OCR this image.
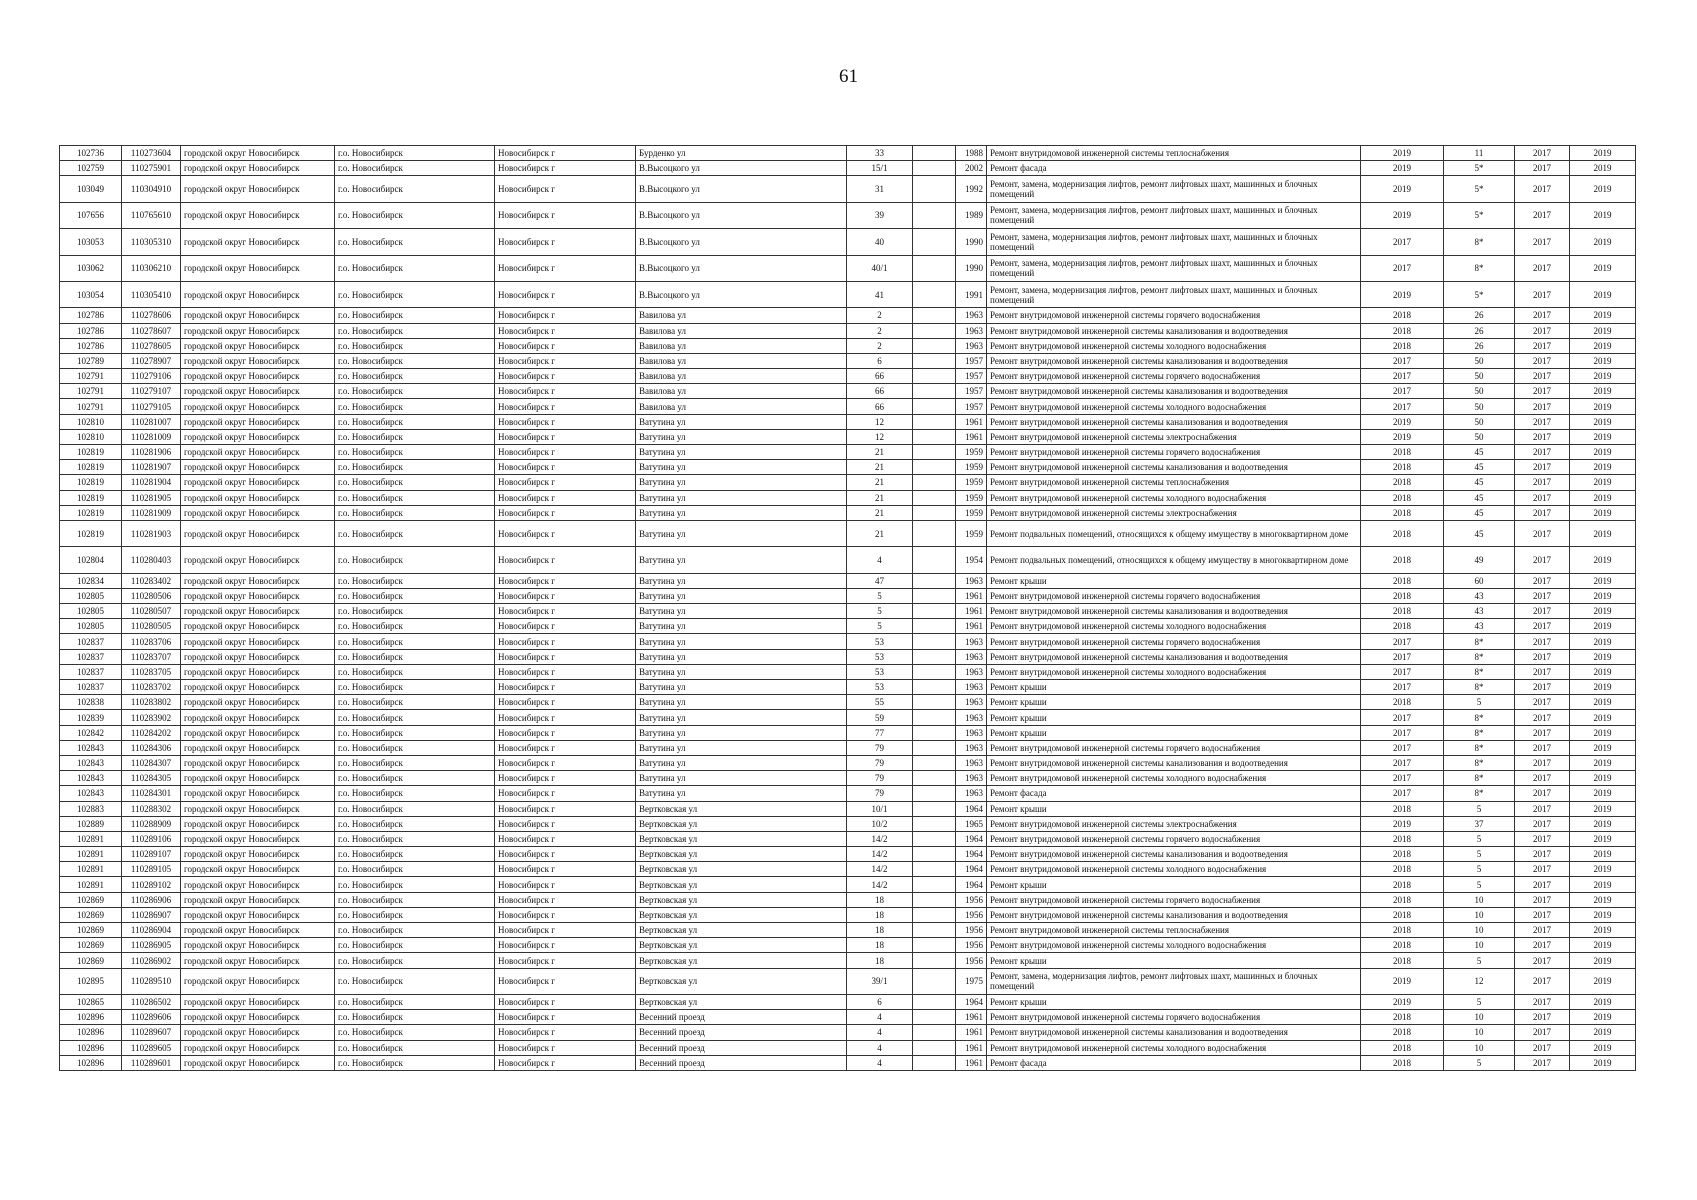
61
102736	110273604	городской округ Новосибирск	г.о. Новосибирск	Новосибирск г	Бурденко ул	33		1988	Ремонт внутридомовой инженерной системы теплоснабжения	2019	11	2017	2019
102759	110275901	городской округ Новосибирск	г.о. Новосибирск	Новосибирск г	В.Высоцкого ул	15/1		2002	Ремонт фасада	2019	5*	2017	2019
103049	110304910	городской округ Новосибирск	г.о. Новосибирск	Новосибирск г	В.Высоцкого ул	31		1992	Ремонт, замена, модернизация лифтов, ремонт лифтовых шахт, машинных и блочных помещений	2019	5*	2017	2019
107656	110765610	городской округ Новосибирск	г.о. Новосибирск	Новосибирск г	В.Высоцкого ул	39		1989	Ремонт, замена, модернизация лифтов, ремонт лифтовых шахт, машинных и блочных помещений	2019	5*	2017	2019
103053	110305310	городской округ Новосибирск	г.о. Новосибирск	Новосибирск г	В.Высоцкого ул	40		1990	Ремонт, замена, модернизация лифтов, ремонт лифтовых шахт, машинных и блочных помещений	2017	8*	2017	2019
103062	110306210	городской округ Новосибирск	г.о. Новосибирск	Новосибирск г	В.Высоцкого ул	40/1		1990	Ремонт, замена, модернизация лифтов, ремонт лифтовых шахт, машинных и блочных помещений	2017	8*	2017	2019
103054	110305410	городской округ Новосибирск	г.о. Новосибирск	Новосибирск г	В.Высоцкого ул	41		1991	Ремонт, замена, модернизация лифтов, ремонт лифтовых шахт, машинных и блочных помещений	2019	5*	2017	2019
102786	110278606	городской округ Новосибирск	г.о. Новосибирск	Новосибирск г	Вавилова ул	2		1963	Ремонт внутридомовой инженерной системы горячего водоснабжения	2018	26	2017	2019
102786	110278607	городской округ Новосибирск	г.о. Новосибирск	Новосибирск г	Вавилова ул	2		1963	Ремонт внутридомовой инженерной системы канализования и водоотведения	2018	26	2017	2019
102786	110278605	городской округ Новосибирск	г.о. Новосибирск	Новосибирск г	Вавилова ул	2		1963	Ремонт внутридомовой инженерной системы холодного водоснабжения	2018	26	2017	2019
102789	110278907	городской округ Новосибирск	г.о. Новосибирск	Новосибирск г	Вавилова ул	6		1957	Ремонт внутридомовой инженерной системы канализования и водоотведения	2017	50	2017	2019
102791	110279106	городской округ Новосибирск	г.о. Новосибирск	Новосибирск г	Вавилова ул	66		1957	Ремонт внутридомовой инженерной системы горячего водоснабжения	2017	50	2017	2019
102791	110279107	городской округ Новосибирск	г.о. Новосибирск	Новосибирск г	Вавилова ул	66		1957	Ремонт внутридомовой инженерной системы канализования и водоотведения	2017	50	2017	2019
102791	110279105	городской округ Новосибирск	г.о. Новосибирск	Новосибирск г	Вавилова ул	66		1957	Ремонт внутридомовой инженерной системы холодного водоснабжения	2017	50	2017	2019
102810	110281007	городской округ Новосибирск	г.о. Новосибирск	Новосибирск г	Ватутина ул	12		1961	Ремонт внутридомовой инженерной системы канализования и водоотведения	2019	50	2017	2019
102810	110281009	городской округ Новосибирск	г.о. Новосибирск	Новосибирск г	Ватутина ул	12		1961	Ремонт внутридомовой инженерной системы электроснабжения	2019	50	2017	2019
102819	110281906	городской округ Новосибирск	г.о. Новосибирск	Новосибирск г	Ватутина ул	21		1959	Ремонт внутридомовой инженерной системы горячего водоснабжения	2018	45	2017	2019
102819	110281907	городской округ Новосибирск	г.о. Новосибирск	Новосибирск г	Ватутина ул	21		1959	Ремонт внутридомовой инженерной системы канализования и водоотведения	2018	45	2017	2019
102819	110281904	городской округ Новосибирск	г.о. Новосибирск	Новосибирск г	Ватутина ул	21		1959	Ремонт внутридомовой инженерной системы теплоснабжения	2018	45	2017	2019
102819	110281905	городской округ Новосибирск	г.о. Новосибирск	Новосибирск г	Ватутина ул	21		1959	Ремонт внутридомовой инженерной системы холодного водоснабжения	2018	45	2017	2019
102819	110281909	городской округ Новосибирск	г.о. Новосибирск	Новосибирск г	Ватутина ул	21		1959	Ремонт внутридомовой инженерной системы электроснабжения	2018	45	2017	2019
102819	110281903	городской округ Новосибирск	г.о. Новосибирск	Новосибирск г	Ватутина ул	21		1959	Ремонт подвальных помещений, относящихся к общему имуществу в многоквартирном доме	2018	45	2017	2019
102804	110280403	городской округ Новосибирск	г.о. Новосибирск	Новосибирск г	Ватутина ул	4		1954	Ремонт подвальных помещений, относящихся к общему имуществу в многоквартирном доме	2018	49	2017	2019
102834	110283402	городской округ Новосибирск	г.о. Новосибирск	Новосибирск г	Ватутина ул	47		1963	Ремонт крыши	2018	60	2017	2019
102805	110280506	городской округ Новосибирск	г.о. Новосибирск	Новосибирск г	Ватутина ул	5		1961	Ремонт внутридомовой инженерной системы горячего водоснабжения	2018	43	2017	2019
102805	110280507	городской округ Новосибирск	г.о. Новосибирск	Новосибирск г	Ватутина ул	5		1961	Ремонт внутридомовой инженерной системы канализования и водоотведения	2018	43	2017	2019
102805	110280505	городской округ Новосибирск	г.о. Новосибирск	Новосибирск г	Ватутина ул	5		1961	Ремонт внутридомовой инженерной системы холодного водоснабжения	2018	43	2017	2019
102837	110283706	городской округ Новосибирск	г.о. Новосибирск	Новосибирск г	Ватутина ул	53		1963	Ремонт внутридомовой инженерной системы горячего водоснабжения	2017	8*	2017	2019
102837	110283707	городской округ Новосибирск	г.о. Новосибирск	Новосибирск г	Ватутина ул	53		1963	Ремонт внутридомовой инженерной системы канализования и водоотведения	2017	8*	2017	2019
102837	110283705	городской округ Новосибирск	г.о. Новосибирск	Новосибирск г	Ватутина ул	53		1963	Ремонт внутридомовой инженерной системы холодного водоснабжения	2017	8*	2017	2019
102837	110283702	городской округ Новосибирск	г.о. Новосибирск	Новосибирск г	Ватутина ул	53		1963	Ремонт крыши	2017	8*	2017	2019
102838	110283802	городской округ Новосибирск	г.о. Новосибирск	Новосибирск г	Ватутина ул	55		1963	Ремонт крыши	2018	5	2017	2019
102839	110283902	городской округ Новосибирск	г.о. Новосибирск	Новосибирск г	Ватутина ул	59		1963	Ремонт крыши	2017	8*	2017	2019
102842	110284202	городской округ Новосибирск	г.о. Новосибирск	Новосибирск г	Ватутина ул	77		1963	Ремонт крыши	2017	8*	2017	2019
102843	110284306	городской округ Новосибирск	г.о. Новосибирск	Новосибирск г	Ватутина ул	79		1963	Ремонт внутридомовой инженерной системы горячего водоснабжения	2017	8*	2017	2019
102843	110284307	городской округ Новосибирск	г.о. Новосибирск	Новосибирск г	Ватутина ул	79		1963	Ремонт внутридомовой инженерной системы канализования и водоотведения	2017	8*	2017	2019
102843	110284305	городской округ Новосибирск	г.о. Новосибирск	Новосибирск г	Ватутина ул	79		1963	Ремонт внутридомовой инженерной системы холодного водоснабжения	2017	8*	2017	2019
102843	110284301	городской округ Новосибирск	г.о. Новосибирск	Новосибирск г	Ватутина ул	79		1963	Ремонт фасада	2017	8*	2017	2019
102883	110288302	городской округ Новосибирск	г.о. Новосибирск	Новосибирск г	Вертковская ул	10/1		1964	Ремонт крыши	2018	5	2017	2019
102889	110288909	городской округ Новосибирск	г.о. Новосибирск	Новосибирск г	Вертковская ул	10/2		1965	Ремонт внутридомовой инженерной системы электроснабжения	2019	37	2017	2019
102891	110289106	городской округ Новосибирск	г.о. Новосибирск	Новосибирск г	Вертковская ул	14/2		1964	Ремонт внутридомовой инженерной системы горячего водоснабжения	2018	5	2017	2019
102891	110289107	городской округ Новосибирск	г.о. Новосибирск	Новосибирск г	Вертковская ул	14/2		1964	Ремонт внутридомовой инженерной системы канализования и водоотведения	2018	5	2017	2019
102891	110289105	городской округ Новосибирск	г.о. Новосибирск	Новосибирск г	Вертковская ул	14/2		1964	Ремонт внутридомовой инженерной системы холодного водоснабжения	2018	5	2017	2019
102891	110289102	городской округ Новосибирск	г.о. Новосибирск	Новосибирск г	Вертковская ул	14/2		1964	Ремонт крыши	2018	5	2017	2019
102869	110286906	городской округ Новосибирск	г.о. Новосибирск	Новосибирск г	Вертковская ул	18		1956	Ремонт внутридомовой инженерной системы горячего водоснабжения	2018	10	2017	2019
102869	110286907	городской округ Новосибирск	г.о. Новосибирск	Новосибирск г	Вертковская ул	18		1956	Ремонт внутридомовой инженерной системы канализования и водоотведения	2018	10	2017	2019
102869	110286904	городской округ Новосибирск	г.о. Новосибирск	Новосибирск г	Вертковская ул	18		1956	Ремонт внутридомовой инженерной системы теплоснабжения	2018	10	2017	2019
102869	110286905	городской округ Новосибирск	г.о. Новосибирск	Новосибирск г	Вертковская ул	18		1956	Ремонт внутридомовой инженерной системы холодного водоснабжения	2018	10	2017	2019
102869	110286902	городской округ Новосибирск	г.о. Новосибирск	Новосибирск г	Вертковская ул	18		1956	Ремонт крыши	2018	5	2017	2019
102895	110289510	городской округ Новосибирск	г.о. Новосибирск	Новосибирск г	Вертковская ул	39/1		1975	Ремонт, замена, модернизация лифтов, ремонт лифтовых шахт, машинных и блочных помещений	2019	12	2017	2019
102865	110286502	городской округ Новосибирск	г.о. Новосибирск	Новосибирск г	Вертковская ул	6		1964	Ремонт крыши	2019	5	2017	2019
102896	110289606	городской округ Новосибирск	г.о. Новосибирск	Новосибирск г	Весенний проезд	4		1961	Ремонт внутридомовой инженерной системы горячего водоснабжения	2018	10	2017	2019
102896	110289607	городской округ Новосибирск	г.о. Новосибирск	Новосибирск г	Весенний проезд	4		1961	Ремонт внутридомовой инженерной системы канализования и водоотведения	2018	10	2017	2019
102896	110289605	городской округ Новосибирск	г.о. Новосибирск	Новосибирск г	Весенний проезд	4		1961	Ремонт внутридомовой инженерной системы холодного водоснабжения	2018	10	2017	2019
102896	110289601	городской округ Новосибирск	г.о. Новосибирск	Новосибирск г	Весенний проезд	4		1961	Ремонт фасада	2018	5	2017	2019
